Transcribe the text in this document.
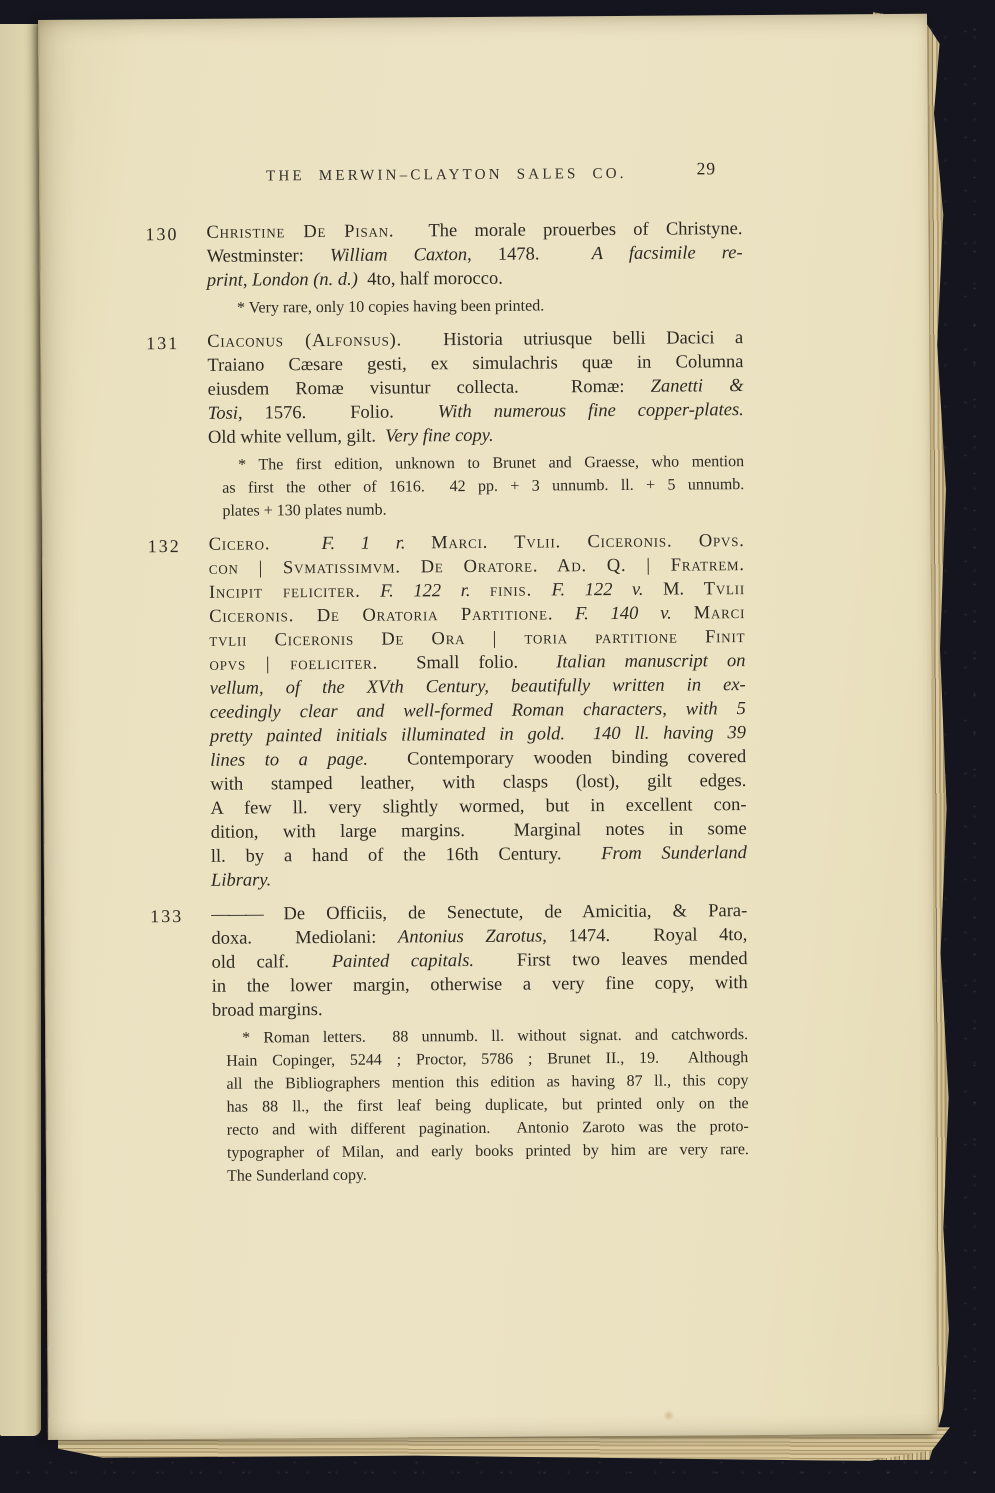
THE MERWIN–CLAYTON SALES CO.	29
130 Christine De Pisan.  The morale prouerbes of Christyne.
Westminster: William Caxton, 1478.  A facsimile re-
print, London (n. d.)  4to, half morocco.
* Very rare, only 10 copies having been printed.
131 Ciaconus (Alfonsus).  Historia utriusque belli Dacici a
Traiano Cæsare gesti, ex simulachris quæ in Columna
eiusdem Romæ visuntur collecta.  Romæ: Zanetti &
Tosi, 1576.  Folio.  With numerous fine copper-plates.
Old white vellum, gilt.  Very fine copy.
* The first edition, unknown to Brunet and Graesse, who mention
as first the other of 1616.  42 pp. + 3 unnumb. ll. + 5 unnumb.
plates + 130 plates numb.
132 Cicero.	F. 1 r. Marci. Tvlii. Ciceronis. Opvs.
con | Svmatissimvm. De Oratore. Ad. Q. | Fratrem.
Incipit feliciter. F. 122 r. finis. F. 122 v. M. Tvlii
Ciceronis. De Oratoria Partitione. F. 140 v. Marci
tvlii Ciceronis De Ora | toria partitione Finit
opvs | foeliciter.  Small folio.  Italian manuscript on
vellum, of the XVth Century, beautifully written in ex-
ceedingly clear and well-formed Roman characters, with 5
pretty painted initials illuminated in gold.  140 ll. having 39
lines to a page.  Contemporary wooden binding covered
with stamped leather, with clasps (lost), gilt edges.
A few ll. very slightly wormed, but in excellent con-
dition, with large margins.  Marginal notes in some
ll. by a hand of the 16th Century.  From Sunderland
Library.
133 ——— De Officiis, de Senectute, de Amicitia, & Para-
doxa.  Mediolani: Antonius Zarotus, 1474.  Royal 4to,
old calf.  Painted capitals.  First two leaves mended
in the lower margin, otherwise a very fine copy, with
broad margins.
* Roman letters.  88 unnumb. ll. without signat. and catchwords.
Hain Copinger, 5244 ; Proctor, 5786 ; Brunet II., 19.  Although
all the Bibliographers mention this edition as having 87 ll., this copy
has 88 ll., the first leaf being duplicate, but printed only on the
recto and with different pagination.  Antonio Zaroto was the proto-
typographer of Milan, and early books printed by him are very rare.
The Sunderland copy.
